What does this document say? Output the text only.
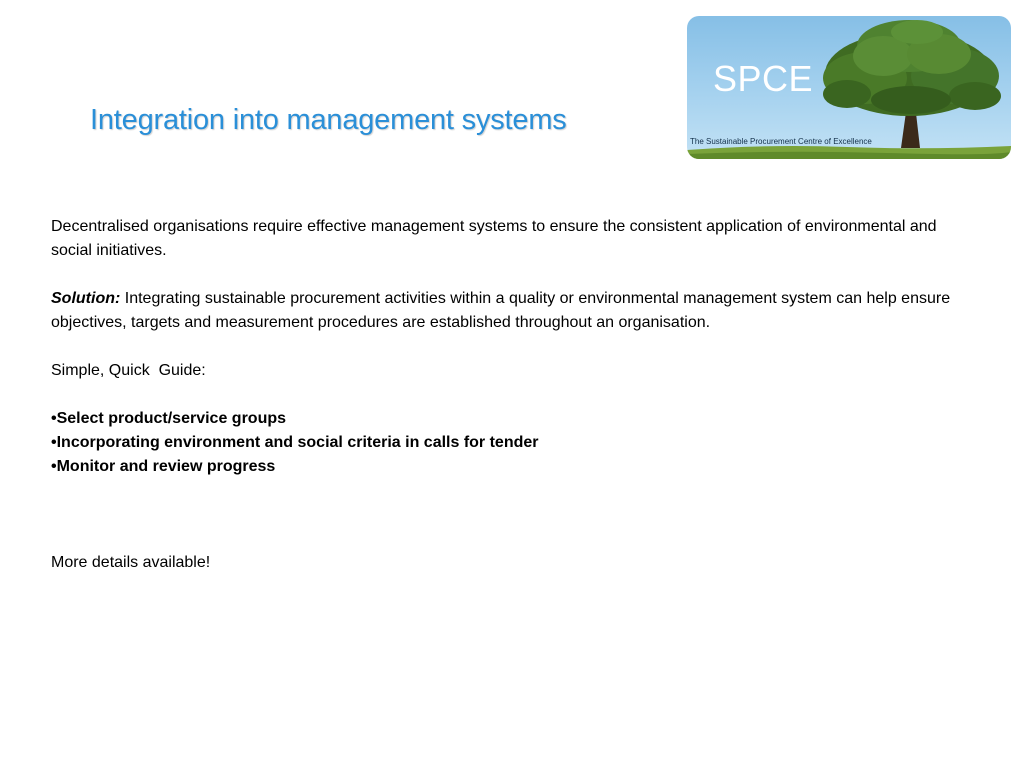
Integration into management systems
SPCE
The Sustainable Procurement Centre of Excellence

Decentralised organisations require effective management systems to ensure the consistent application of environmental and social initiatives.

Solution: Integrating sustainable procurement activities within a quality or environmental management system can help ensure objectives, targets and measurement procedures are established throughout an organisation.

Simple, Quick  Guide:

•Select product/service groups

•Incorporating environment and social criteria in calls for tender

•Monitor and review progress

More details available!
